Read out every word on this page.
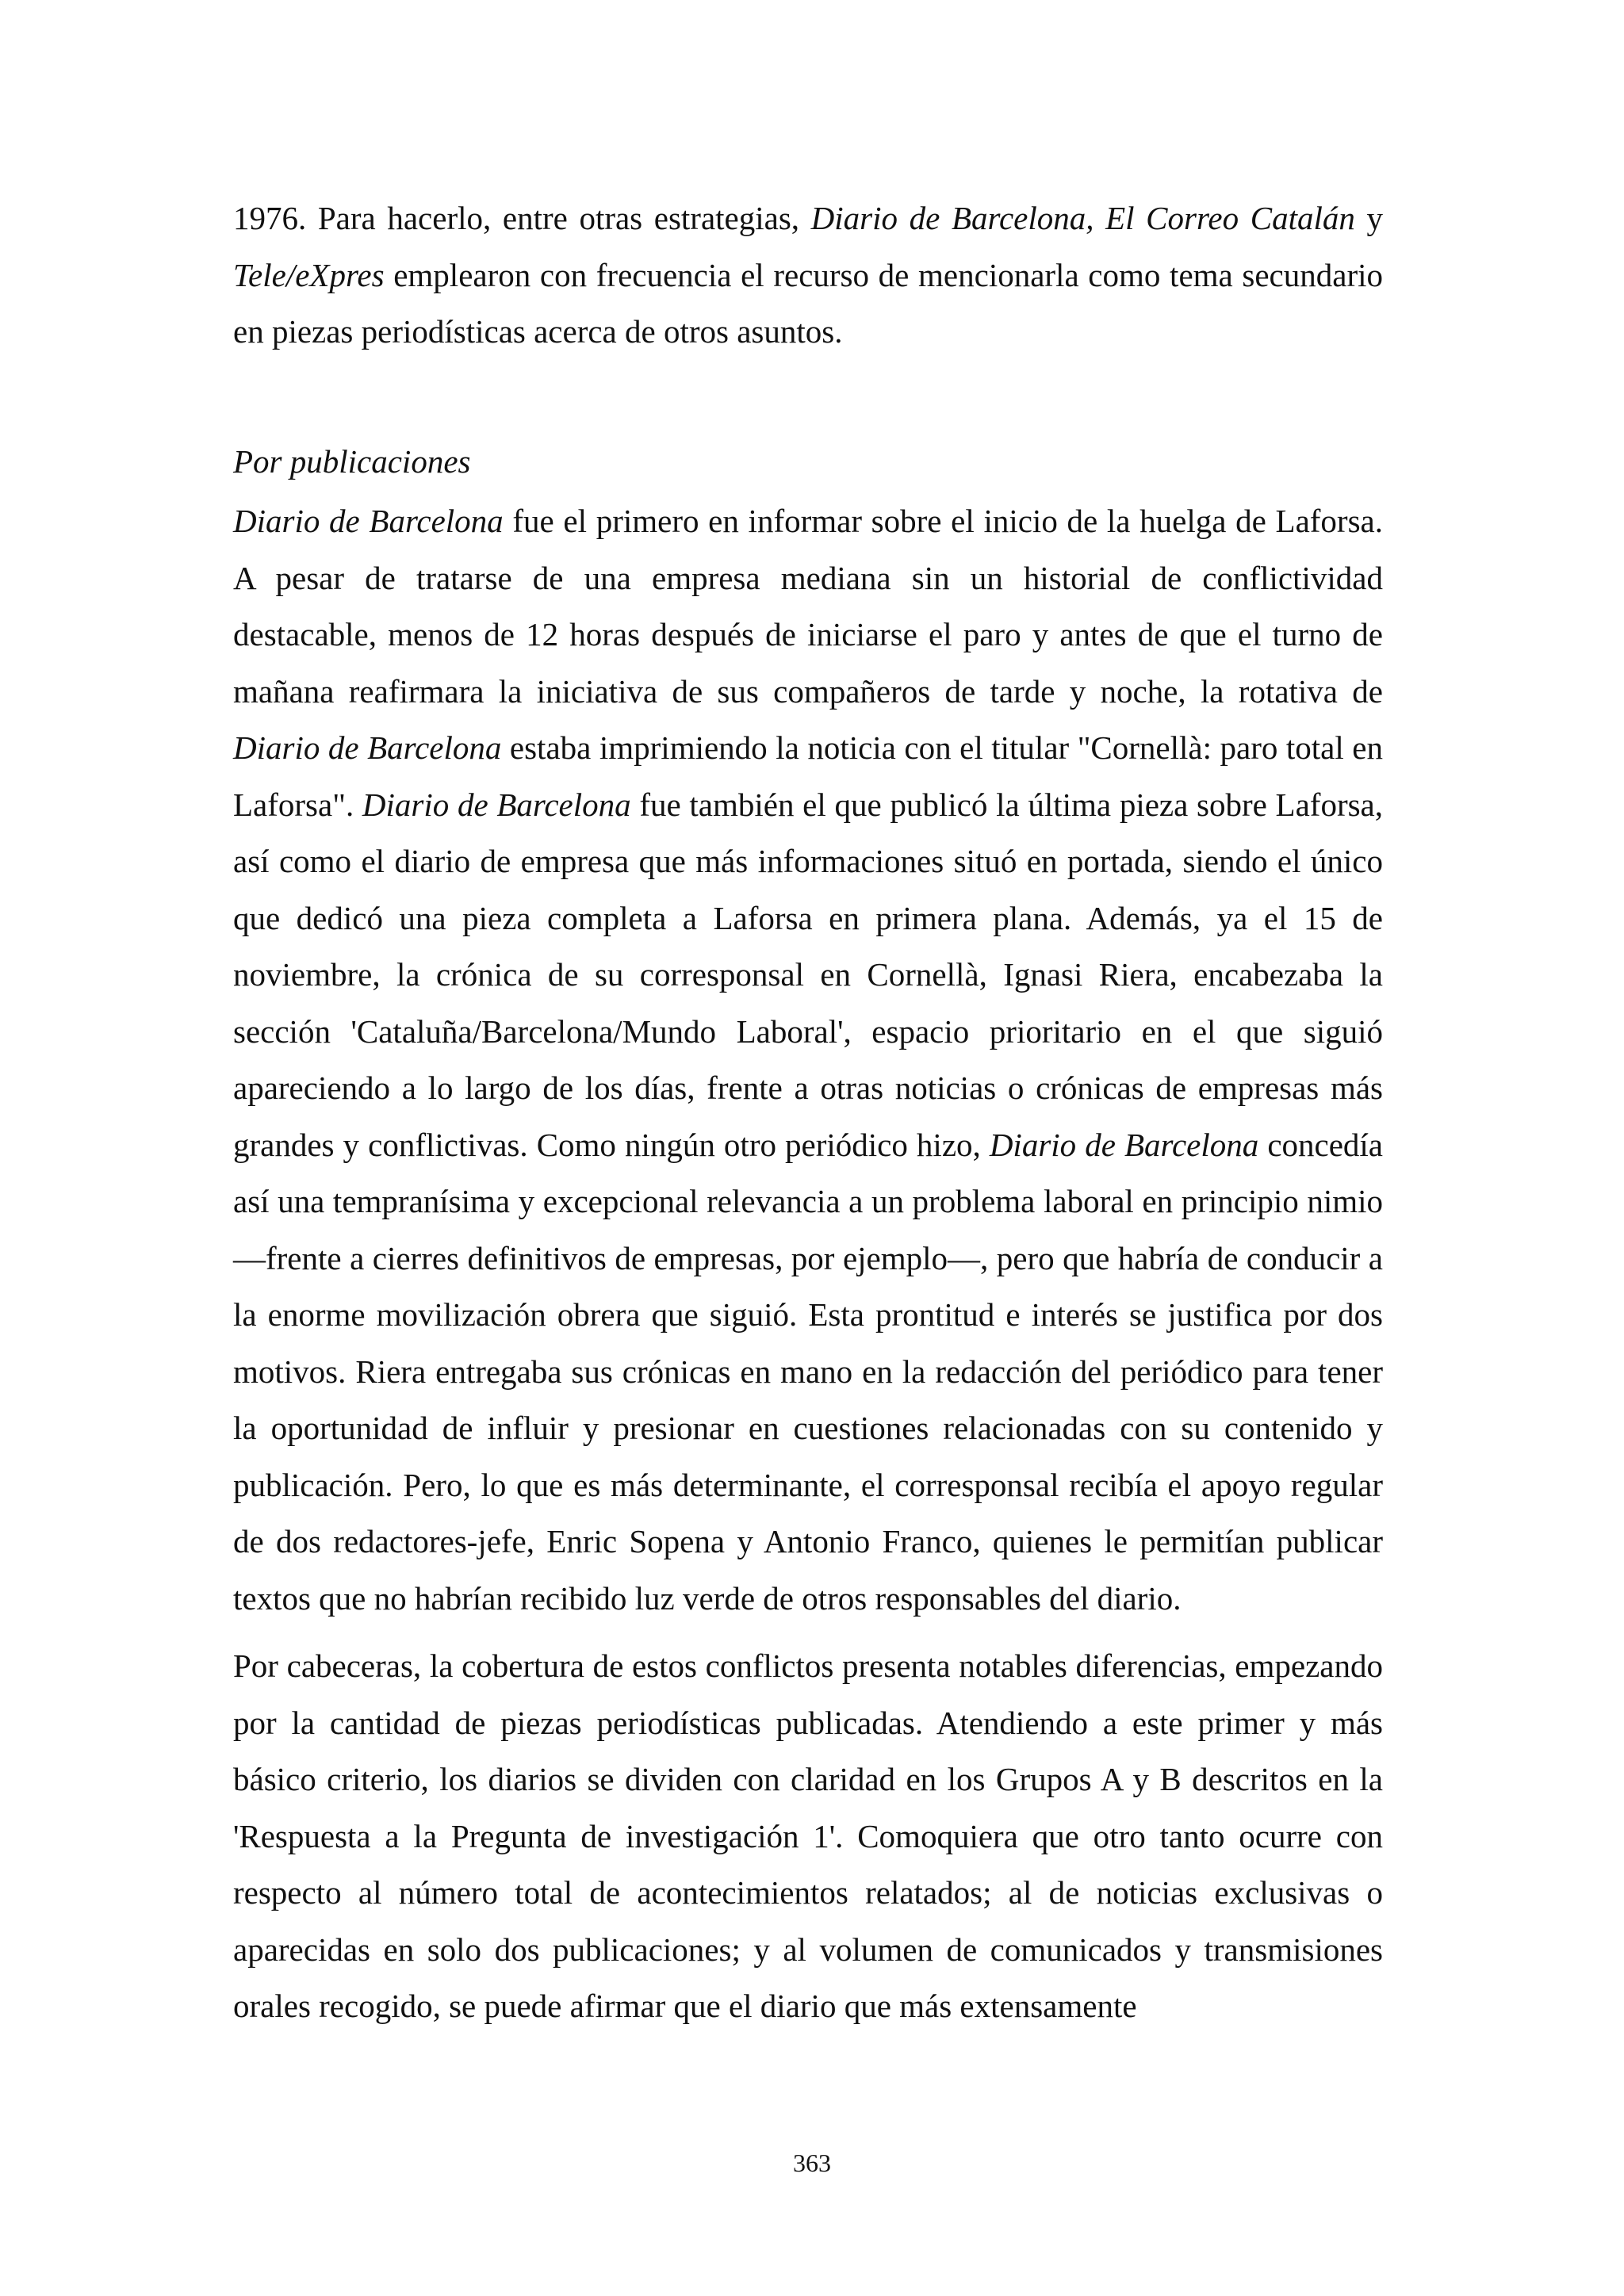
1976. Para hacerlo, entre otras estrategias, Diario de Barcelona, El Correo Catalán y Tele/eXpres emplearon con frecuencia el recurso de mencionarla como tema secundario en piezas periodísticas acerca de otros asuntos.

Por publicaciones

Diario de Barcelona fue el primero en informar sobre el inicio de la huelga de Laforsa. A pesar de tratarse de una empresa mediana sin un historial de conflictividad destacable, menos de 12 horas después de iniciarse el paro y antes de que el turno de mañana reafirmara la iniciativa de sus compañeros de tarde y noche, la rotativa de Diario de Barcelona estaba imprimiendo la noticia con el titular "Cornellà: paro total en Laforsa". Diario de Barcelona fue también el que publicó la última pieza sobre Laforsa, así como el diario de empresa que más informaciones situó en portada, siendo el único que dedicó una pieza completa a Laforsa en primera plana. Además, ya el 15 de noviembre, la crónica de su corresponsal en Cornellà, Ignasi Riera, encabezaba la sección 'Cataluña/Barcelona/Mundo Laboral', espacio prioritario en el que siguió apareciendo a lo largo de los días, frente a otras noticias o crónicas de empresas más grandes y conflictivas. Como ningún otro periódico hizo, Diario de Barcelona concedía así una tempranísima y excepcional relevancia a un problema laboral en principio nimio —frente a cierres definitivos de empresas, por ejemplo—, pero que habría de conducir a la enorme movilización obrera que siguió. Esta prontitud e interés se justifica por dos motivos. Riera entregaba sus crónicas en mano en la redacción del periódico para tener la oportunidad de influir y presionar en cuestiones relacionadas con su contenido y publicación. Pero, lo que es más determinante, el corresponsal recibía el apoyo regular de dos redactores-jefe, Enric Sopena y Antonio Franco, quienes le permitían publicar textos que no habrían recibido luz verde de otros responsables del diario.

Por cabeceras, la cobertura de estos conflictos presenta notables diferencias, empezando por la cantidad de piezas periodísticas publicadas. Atendiendo a este primer y más básico criterio, los diarios se dividen con claridad en los Grupos A y B descritos en la 'Respuesta a la Pregunta de investigación 1'. Comoquiera que otro tanto ocurre con respecto al número total de acontecimientos relatados; al de noticias exclusivas o aparecidas en solo dos publicaciones; y al volumen de comunicados y transmisiones orales recogido, se puede afirmar que el diario que más extensamente

363
